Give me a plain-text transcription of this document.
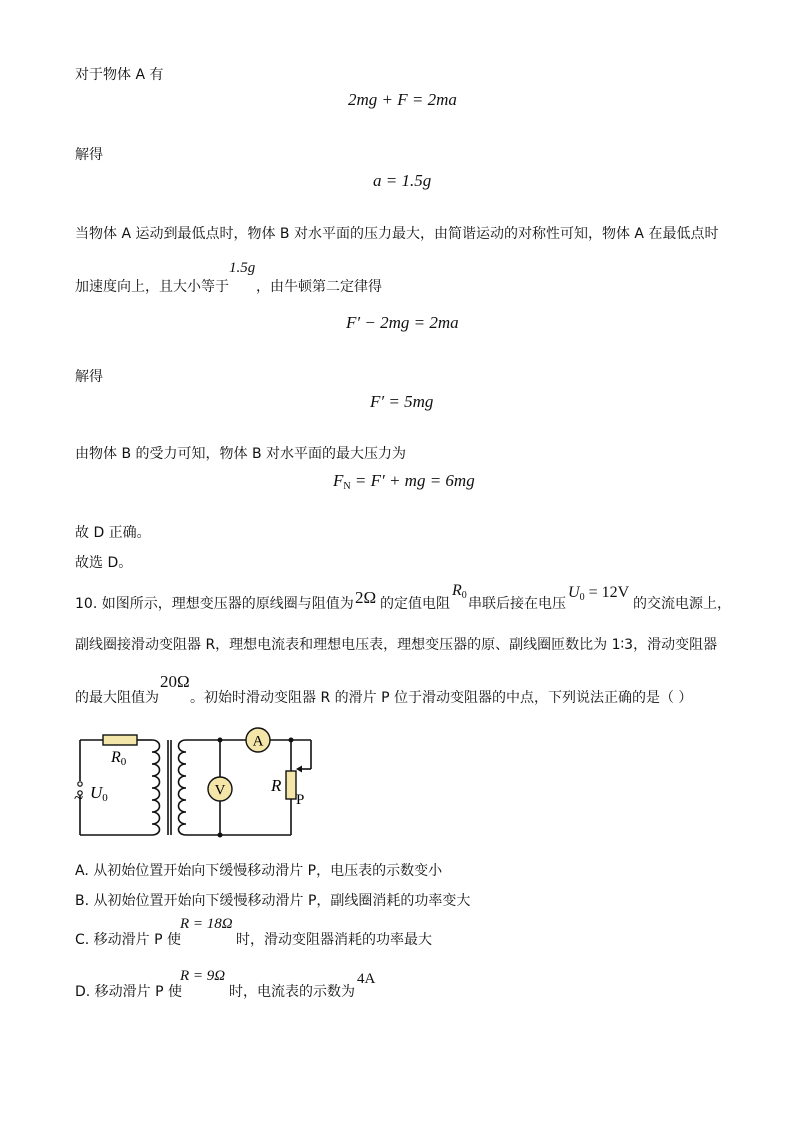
对于物体 A 有
2mg + F = 2ma
解得
a = 1.5g
当物体 A 运动到最低点时，物体 B 对水平面的压力最大，由简谐运动的对称性可知，物体 A 在最低点时
加速度向上，且大小等于
1.5g
，由牛顿第二定律得
F′ − 2mg = 2ma
解得
F′ = 5mg
由物体 B 的受力可知，物体 B 对水平面的最大压力为
$F_N = F'$ + mg = 6mg
故 D 正确。
故选 D。
10. 如图所示，理想变压器的原线圈与阻值为 2Ω 的定值电阻
$R_0$
串联后接在电压
$U_0 = 12V$
的交流电源上，
副线圈接滑动变阻器 R，理想电流表和理想电压表，理想变压器的原、副线圈匝数比为 1∶3，滑动变阻器
的最大阻值为
20Ω
。初始时滑动变阻器 R 的滑片 P 位于滑动变阻器的中点，下列说法正确的是（ ）
A
V
R0
~ U0
R
P
A. 从初始位置开始向下缓慢移动滑片 P，电压表的示数变小
B. 从初始位置开始向下缓慢移动滑片 P，副线圈消耗的功率变大
C. 移动滑片 P 使
R = 18Ω
时，滑动变阻器消耗的功率最大
D. 移动滑片 P 使
R = 9Ω
时，电流表的示数为
4A
